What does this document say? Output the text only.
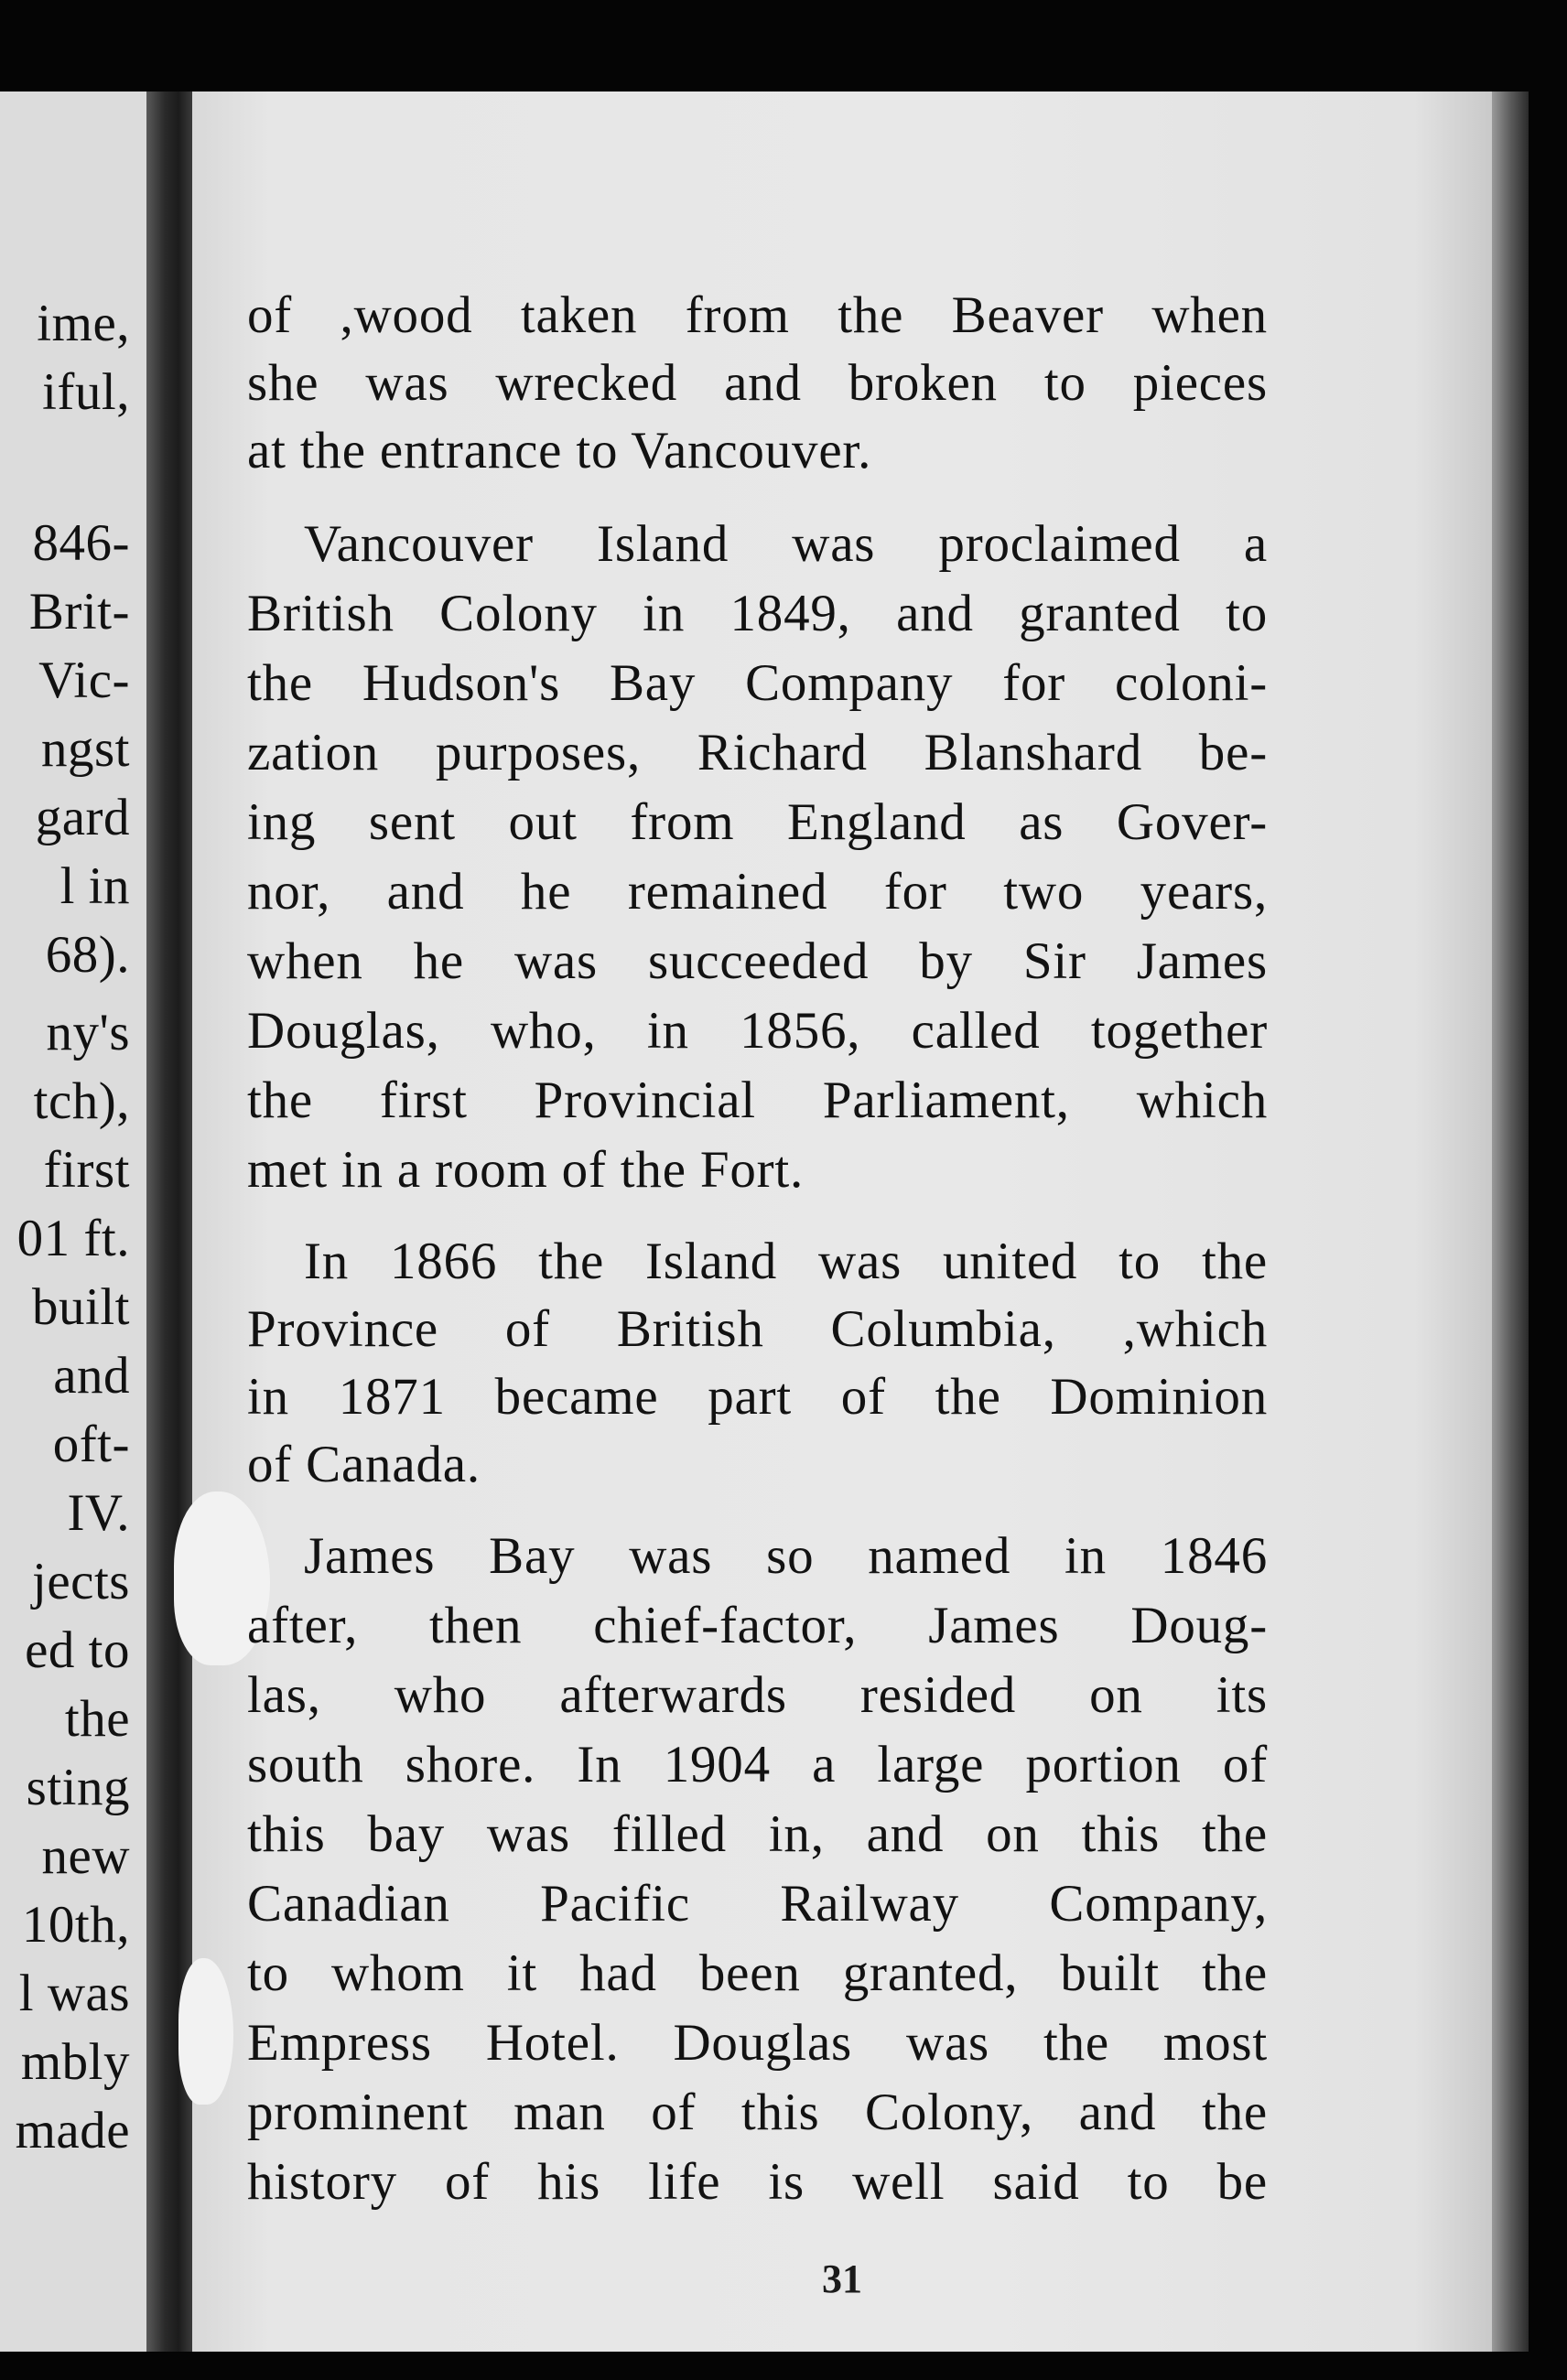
ime,
iful,
846-
Brit-
Vic-
ngst
gard
l in
68).
ny's
tch),
first
01 ft.
built
and
oft-
IV.
jects
ed to
the
sting
new
10th,
l was
mbly
made
of ,wood taken from the Beaver when
she was wrecked and broken to pieces
at the entrance to Vancouver.
Vancouver Island was proclaimed a
British Colony in 1849, and granted to
the Hudson's Bay Company for coloni-
zation purposes, Richard Blanshard be-
ing sent out from England as Gover-
nor, and he remained for two years,
when he was succeeded by Sir James
Douglas, who, in 1856, called together
the first Provincial Parliament, which
met in a room of the Fort.
In 1866 the Island was united to the
Province of British Columbia, ,which
in 1871 became part of the Dominion
of Canada.
James Bay was so named in 1846
after, then chief-factor, James Doug-
las, who afterwards resided on its
south shore. In 1904 a large portion of
this bay was filled in, and on this the
Canadian Pacific Railway Company,
to whom it had been granted, built the
Empress Hotel. Douglas was the most
prominent man of this Colony, and the
history of his life is well said to be
31
